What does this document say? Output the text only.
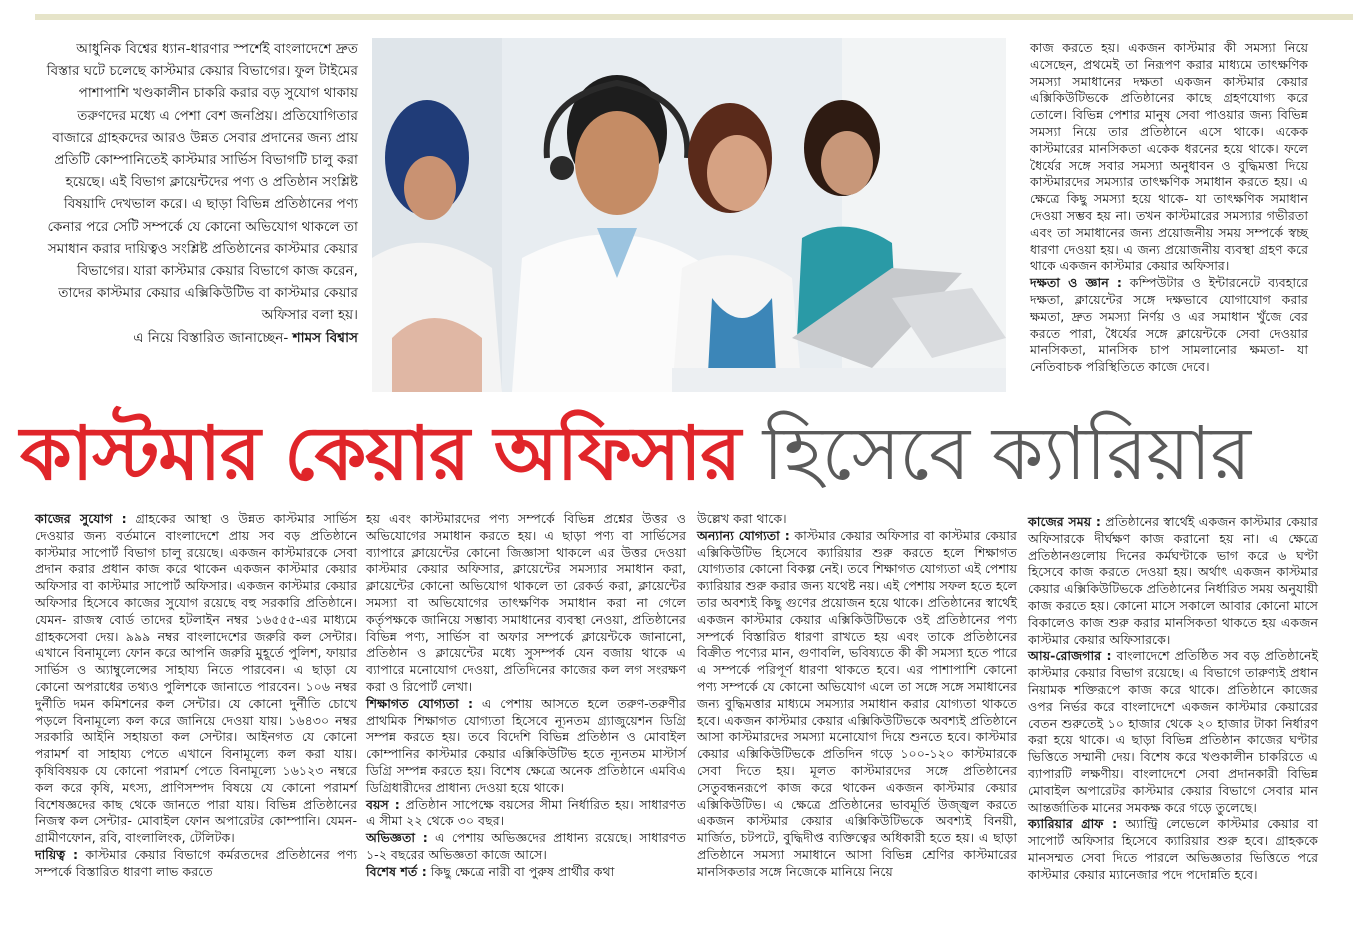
আধুনিক বিশ্বের ধ্যান-ধারণার স্পর্শেই বাংলাদেশে দ্রুত বিস্তার ঘটে চলেছে কাস্টমার কেয়ার বিভাগের। ফুল টাইমের পাশাপাশি খণ্ডকালীন চাকরি করার বড় সুযোগ থাকায় তরুণদের মধ্যে এ পেশা বেশ জনপ্রিয়। প্রতিযোগিতার বাজারে গ্রাহকদের আরও উন্নত সেবার প্রদানের জন্য প্রায় প্রতিটি কোম্পানিতেই কাস্টমার সার্ভিস বিভাগটি চালু করা হয়েছে। এই বিভাগ ক্লায়েন্টদের পণ্য ও প্রতিষ্ঠান সংশ্লিষ্ট বিষয়াদি দেখভাল করে। এ ছাড়া বিভিন্ন প্রতিষ্ঠানের পণ্য কেনার পরে সেটি সম্পর্কে যে কোনো অভিযোগ থাকলে তা সমাধান করার দায়িত্বও সংশ্লিষ্ট প্রতিষ্ঠানের কাস্টমার কেয়ার বিভাগের। যারা কাস্টমার কেয়ার বিভাগে কাজ করেন, তাদের কাস্টমার কেয়ার এক্সিকিউটিভ বা কাস্টমার কেয়ার অফিসার বলা হয়।
এ নিয়ে বিস্তারিত জানাচ্ছেন- শামস বিশ্বাস

কাজ করতে হয়। একজন কাস্টমার কী সমস্যা নিয়ে এসেছেন, প্রথমেই তা নিরূপণ করার মাধ্যমে তাৎক্ষণিক সমস্যা সমাধানের দক্ষতা একজন কাস্টমার কেয়ার এক্সিকিউটিভকে প্রতিষ্ঠানের কাছে গ্রহণযোগ্য করে তোলে। বিভিন্ন পেশার মানুষ সেবা পাওয়ার জন্য বিভিন্ন সমস্যা নিয়ে তার প্রতিষ্ঠানে এসে থাকে। একেক কাস্টমারের মানসিকতা একেক ধরনের হয়ে থাকে। ফলে ধৈর্যের সঙ্গে সবার সমস্যা অনুধাবন ও বুদ্ধিমত্তা দিয়ে কাস্টমারদের সমস্যার তাৎক্ষণিক সমাধান করতে হয়। এ ক্ষেত্রে কিছু সমস্যা হয়ে থাকে- যা তাৎক্ষণিক সমাধান দেওয়া সম্ভব হয় না। তখন কাস্টমারের সমস্যার গভীরতা এবং তা সমাধানের জন্য প্রয়োজনীয় সময় সম্পর্কে স্বচ্ছ ধারণা দেওয়া হয়। এ জন্য প্রয়োজনীয় ব্যবস্থা গ্রহণ করে থাকে একজন কাস্টমার কেয়ার অফিসার।

দক্ষতা ও জ্ঞান : কম্পিউটার ও ইন্টারনেটে ব্যবহারে দক্ষতা, ক্লায়েন্টের সঙ্গে দক্ষভাবে যোগাযোগ করার ক্ষমতা, দ্রুত সমস্যা নির্ণয় ও এর সমাধান খুঁজে বের করতে পারা, ধৈর্যের সঙ্গে ক্লায়েন্টকে সেবা দেওয়ার মানসিকতা, মানসিক চাপ সামলানোর ক্ষমতা- যা নেতিবাচক পরিস্থিতিতে কাজে দেবে।

কাস্টমার কেয়ার অফিসার হিসেবে ক্যারিয়ার

কাজের সুযোগ : গ্রাহকের আস্থা ও উন্নত কাস্টমার সার্ভিস দেওয়ার জন্য বর্তমানে বাংলাদেশে প্রায় সব বড় প্রতিষ্ঠানে কাস্টমার সাপোর্ট বিভাগ চালু রয়েছে। একজন কাস্টমারকে সেবা প্রদান করার প্রধান কাজ করে থাকেন একজন কাস্টমার কেয়ার অফিসার বা কাস্টমার সাপোর্ট অফিসার। একজন কাস্টমার কেয়ার অফিসার হিসেবে কাজের সুযোগ রয়েছে বহু সরকারি প্রতিষ্ঠানে। যেমন- রাজস্ব বোর্ড তাদের হটলাইন নম্বর ১৬৫৫৫-এর মাধ্যমে গ্রাহকসেবা দেয়। ৯৯৯ নম্বর বাংলাদেশের জরুরি কল সেন্টার। এখানে বিনামূল্যে ফোন করে আপনি জরুরি মুহূর্তে পুলিশ, ফায়ার সার্ভিস ও অ্যাম্বুলেন্সের সাহায্য নিতে পারবেন। এ ছাড়া যে কোনো অপরাধের তথ্যও পুলিশকে জানাতে পারবেন। ১০৬ নম্বর দুর্নীতি দমন কমিশনের কল সেন্টার। যে কোনো দুর্নীতি চোখে পড়লে বিনামূল্যে কল করে জানিয়ে দেওয়া যায়। ১৬৪৩০ নম্বর সরকারি আইনি সহায়তা কল সেন্টার। আইনগত যে কোনো পরামর্শ বা সাহায্য পেতে এখানে বিনামূল্যে কল করা যায়। কৃষিবিষয়ক যে কোনো পরামর্শ পেতে বিনামূল্যে ১৬১২৩ নম্বরে কল করে কৃষি, মৎস্য, প্রাণিসম্পদ বিষয়ে যে কোনো পরামর্শ বিশেষজ্ঞদের কাছ থেকে জানতে পারা যায়। বিভিন্ন প্রতিষ্ঠানের নিজস্ব কল সেন্টার- মোবাইল ফোন অপারেটর কোম্পানি। যেমন- গ্রামীণফোন, রবি, বাংলালিংক, টেলিটক।

দায়িত্ব : কাস্টমার কেয়ার বিভাগে কর্মরতদের প্রতিষ্ঠানের পণ্য সম্পর্কে বিস্তারিত ধারণা লাভ করতে

হয় এবং কাস্টমারদের পণ্য সম্পর্কে বিভিন্ন প্রশ্নের উত্তর ও অভিযোগের সমাধান করতে হয়। এ ছাড়া পণ্য বা সার্ভিসের ব্যাপারে ক্লায়েন্টের কোনো জিজ্ঞাসা থাকলে এর উত্তর দেওয়া কাস্টমার কেয়ার অফিসার, ক্লায়েন্টের সমস্যার সমাধান করা, ক্লায়েন্টের কোনো অভিযোগ থাকলে তা রেকর্ড করা, ক্লায়েন্টের সমস্যা বা অভিযোগের তাৎক্ষণিক সমাধান করা না গেলে কর্তৃপক্ষকে জানিয়ে সম্ভাব্য সমাধানের ব্যবস্থা নেওয়া, প্রতিষ্ঠানের বিভিন্ন পণ্য, সার্ভিস বা অফার সম্পর্কে ক্লায়েন্টকে জানানো, প্রতিষ্ঠান ও ক্লায়েন্টের মধ্যে সুসম্পর্ক যেন বজায় থাকে এ ব্যাপারে মনোযোগ দেওয়া, প্রতিদিনের কাজের কল লগ সংরক্ষণ করা ও রিপোর্ট লেখা।

শিক্ষাগত যোগ্যতা : এ পেশায় আসতে হলে তরুণ-তরুণীর প্রাথমিক শিক্ষাগত যোগ্যতা হিসেবে ন্যূনতম গ্র্যাজুয়েশন ডিগ্রি সম্পন্ন করতে হয়। তবে বিদেশি বিভিন্ন প্রতিষ্ঠান ও মোবাইল কোম্পানির কাস্টমার কেয়ার এক্সিকিউটিভ হতে ন্যূনতম মাস্টার্স ডিগ্রি সম্পন্ন করতে হয়। বিশেষ ক্ষেত্রে অনেক প্রতিষ্ঠানে এমবিএ ডিগ্রিধারীদের প্রাধান্য দেওয়া হয়ে থাকে।

বয়স : প্রতিষ্ঠান সাপেক্ষে বয়সের সীমা নির্ধারিত হয়। সাধারণত এ সীমা ২২ থেকে ৩০ বছর।

অভিজ্ঞতা : এ পেশায় অভিজ্ঞদের প্রাধান্য রয়েছে। সাধারণত ১-২ বছরের অভিজ্ঞতা কাজে আসে।

বিশেষ শর্ত : কিছু ক্ষেত্রে নারী বা পুরুষ প্রার্থীর কথা

উল্লেখ করা থাকে।

অন্যান্য যোগ্যতা : কাস্টমার কেয়ার অফিসার বা কাস্টমার কেয়ার এক্সিকিউটিভ হিসেবে ক্যারিয়ার শুরু করতে হলে শিক্ষাগত যোগ্যতার কোনো বিকল্প নেই। তবে শিক্ষাগত যোগ্যতা এই পেশায় ক্যারিয়ার শুরু করার জন্য যথেষ্ট নয়। এই পেশায় সফল হতে হলে তার অবশ্যই কিছু গুণের প্রয়োজন হয়ে থাকে। প্রতিষ্ঠানের স্বার্থেই একজন কাস্টমার কেয়ার এক্সিকিউটিভকে ওই প্রতিষ্ঠানের পণ্য সম্পর্কে বিস্তারিত ধারণা রাখতে হয় এবং তাকে প্রতিষ্ঠানের বিক্রীত পণ্যের মান, গুণাবলি, ভবিষ্যতে কী কী সমস্যা হতে পারে এ সম্পর্কে পরিপূর্ণ ধারণা থাকতে হবে। এর পাশাপাশি কোনো পণ্য সম্পর্কে যে কোনো অভিযোগ এলে তা সঙ্গে সঙ্গে সমাধানের জন্য বুদ্ধিমত্তার মাধ্যমে সমস্যার সমাধান করার যোগ্যতা থাকতে হবে। একজন কাস্টমার কেয়ার এক্সিকিউটিভকে অবশ্যই প্রতিষ্ঠানে আসা কাস্টমারদের সমস্যা মনোযোগ দিয়ে শুনতে হবে। কাস্টমার কেয়ার এক্সিকিউটিভকে প্রতিদিন গড়ে ১০০-১২০ কাস্টমারকে সেবা দিতে হয়। মূলত কাস্টমারদের সঙ্গে প্রতিষ্ঠানের সেতুবন্ধনরূপে কাজ করে থাকেন একজন কাস্টমার কেয়ার এক্সিকিউটিভ। এ ক্ষেত্রে প্রতিষ্ঠানের ভাবমূর্তি উজ্জ্বল করতে একজন কাস্টমার কেয়ার এক্সিকিউটিভকে অবশ্যই বিনয়ী, মার্জিত, চটপটে, বুদ্ধিদীপ্ত ব্যক্তিত্বের অধিকারী হতে হয়। এ ছাড়া প্রতিষ্ঠানে সমস্যা সমাধানে আসা বিভিন্ন শ্রেণির কাস্টমারের মানসিকতার সঙ্গে নিজেকে মানিয়ে নিয়ে

কাজের সময় : প্রতিষ্ঠানের স্বার্থেই একজন কাস্টমার কেয়ার অফিসারকে দীর্ঘক্ষণ কাজ করানো হয় না। এ ক্ষেত্রে প্রতিষ্ঠানগুলোয় দিনের কর্মঘণ্টাকে ভাগ করে ৬ ঘণ্টা হিসেবে কাজ করতে দেওয়া হয়। অর্থাৎ একজন কাস্টমার কেয়ার এক্সিকিউটিভকে প্রতিষ্ঠানের নির্ধারিত সময় অনুযায়ী কাজ করতে হয়। কোনো মাসে সকালে আবার কোনো মাসে বিকালেও কাজ শুরু করার মানসিকতা থাকতে হয় একজন কাস্টমার কেয়ার অফিসারকে।

আয়-রোজগার : বাংলাদেশে প্রতিষ্ঠিত সব বড় প্রতিষ্ঠানেই কাস্টমার কেয়ার বিভাগ রয়েছে। এ বিভাগে তারুণ্যই প্রধান নিয়ামক শক্তিরূপে কাজ করে থাকে। প্রতিষ্ঠানে কাজের ওপর নির্ভর করে বাংলাদেশে একজন কাস্টমার কেয়ারের বেতন শুরুতেই ১০ হাজার থেকে ২০ হাজার টাকা নির্ধারণ করা হয়ে থাকে। এ ছাড়া বিভিন্ন প্রতিষ্ঠান কাজের ঘণ্টার ভিত্তিতে সম্মানী দেয়। বিশেষ করে খণ্ডকালীন চাকরিতে এ ব্যাপারটি লক্ষণীয়। বাংলাদেশে সেবা প্রদানকারী বিভিন্ন মোবাইল অপারেটর কাস্টমার কেয়ার বিভাগে সেবার মান আন্তর্জাতিক মানের সমকক্ষ করে গড়ে তুলেছে।

ক্যারিয়ার গ্রাফ : অ্যান্ট্রি লেভেলে কাস্টমার কেয়ার বা সাপোর্ট অফিসার হিসেবে ক্যারিয়ার শুরু হবে। গ্রাহককে মানসম্মত সেবা দিতে পারলে অভিজ্ঞতার ভিত্তিতে পরে কাস্টমার কেয়ার ম্যানেজার পদে পদোন্নতি হবে।
